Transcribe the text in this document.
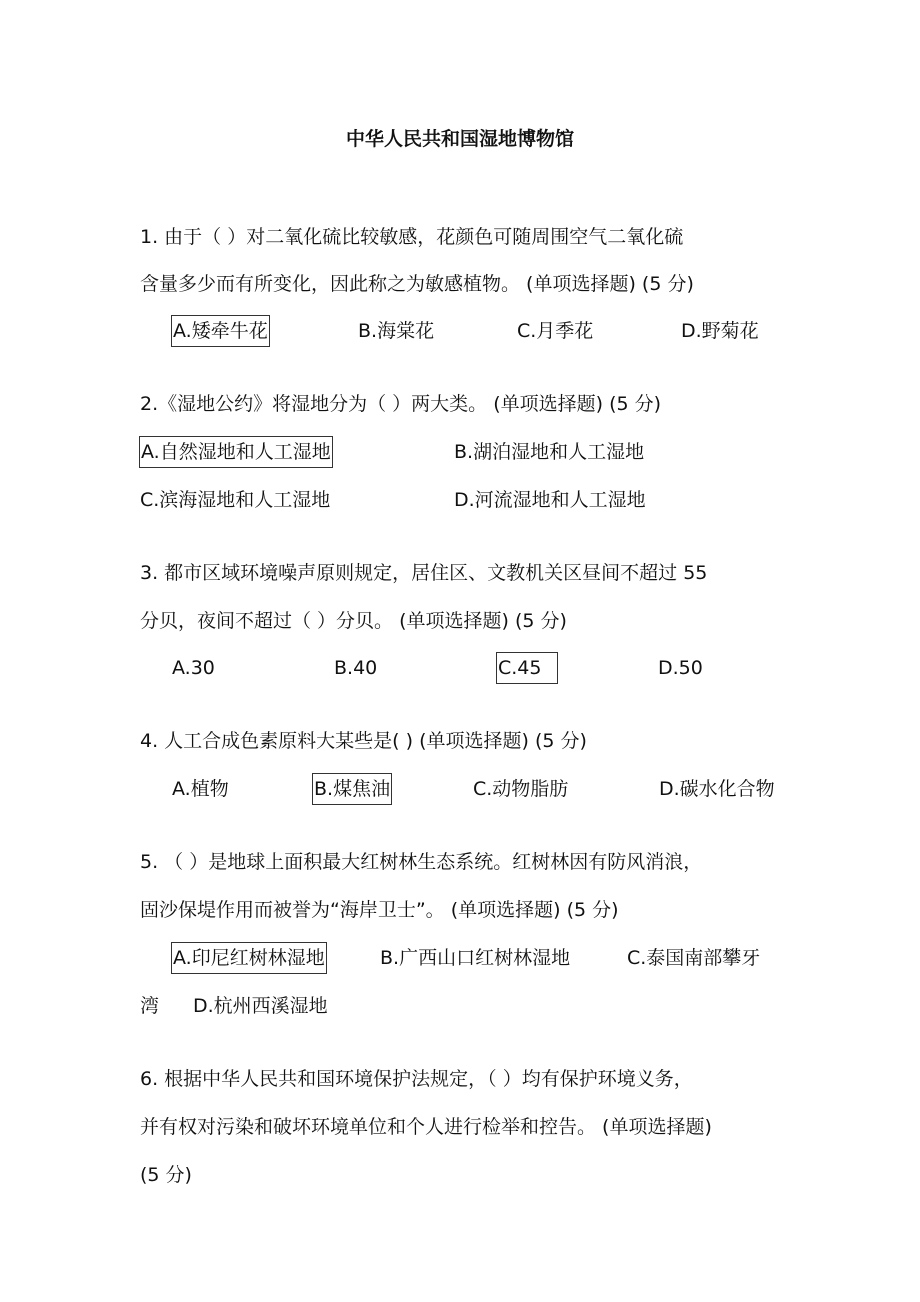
中华人民共和国湿地博物馆
1. 由于（ ）对二氧化硫比较敏感，花颜色可随周围空气二氧化硫
含量多少而有所变化，因此称之为敏感植物。 (单项选择题) (5 分)
A.矮牵牛花	B.海棠花	C.月季花	D.野菊花
2.《湿地公约》将湿地分为（ ）两大类。 (单项选择题) (5 分)
A.自然湿地和人工湿地	B.湖泊湿地和人工湿地
C.滨海湿地和人工湿地	D.河流湿地和人工湿地
3. 都市区域环境噪声原则规定，居住区、文教机关区昼间不超过 55
分贝，夜间不超过（ ）分贝。 (单项选择题) (5 分)
A.30	B.40	C.45	D.50
4. 人工合成色素原料大某些是( ) (单项选择题) (5 分)
A.植物	B.煤焦油	C.动物脂肪	D.碳水化合物
5. （ ）是地球上面积最大红树林生态系统。红树林因有防风消浪，
固沙保堤作用而被誉为“海岸卫士”。 (单项选择题) (5 分)
A.印尼红树林湿地	B.广西山口红树林湿地	C.泰国南部攀牙
湾 D.杭州西溪湿地
6. 根据中华人民共和国环境保护法规定，（ ）均有保护环境义务，
并有权对污染和破坏环境单位和个人进行检举和控告。 (单项选择题)
(5 分)
